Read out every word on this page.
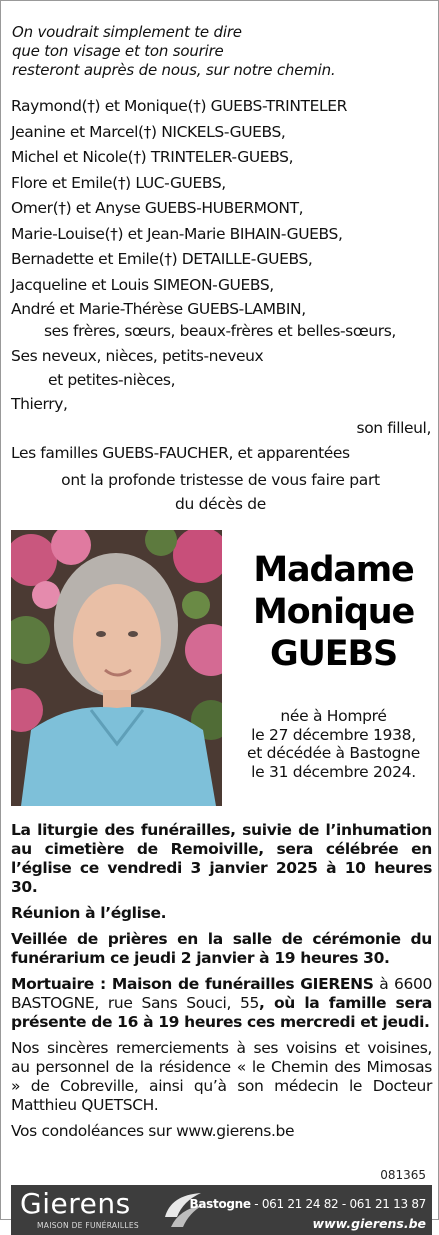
On voudrait simplement te dire
que ton visage et ton sourire
resteront auprès de nous, sur notre chemin.
Raymond(†) et Monique(†) GUEBS-TRINTELER
Jeanine et Marcel(†) NICKELS-GUEBS,
Michel et Nicole(†) TRINTELER-GUEBS,
Flore et Emile(†) LUC-GUEBS,
Omer(†) et Anyse GUEBS-HUBERMONT,
Marie-Louise(†) et Jean-Marie BIHAIN-GUEBS,
Bernadette et Emile(†) DETAILLE-GUEBS,
Jacqueline et Louis SIMEON-GUEBS,
André et Marie-Thérèse GUEBS-LAMBIN,
ses frères, sœurs, beaux-frères et belles-sœurs,
Ses neveux, nièces, petits-neveux
et petites-nièces,
Thierry,
son filleul,
Les familles GUEBS-FAUCHER, et apparentées
ont la profonde tristesse de vous faire part
du décès de
Madame
Monique
GUEBS
née à Hompré
le 27 décembre 1938,
et décédée à Bastogne
le 31 décembre 2024.

La liturgie des funérailles, suivie de l’inhumation au cimetière de Remoiville, sera célébrée en l’église ce vendredi 3 janvier 2025 à 10 heures 30.

Réunion à l’église.

Veillée de prières en la salle de cérémonie du funérarium ce jeudi 2 janvier à 19 heures 30.

Mortuaire : Maison de funérailles GIERENS à 6600 BASTOGNE, rue Sans Souci, 55, où la famille sera présente de 16 à 19 heures ces mercredi et jeudi.

Nos sincères remerciements à ses voisins et voisines, au personnel de la résidence « le Chemin des Mimosas » de Cobreville, ainsi qu’à son médecin le Docteur Matthieu QUETSCH.

Vos condoléances sur www.gierens.be

081365
Gierens
MAISON DE FUNÉRAILLES
Bastogne - 061 21 24 82 - 061 21 13 87
www.gierens.be
